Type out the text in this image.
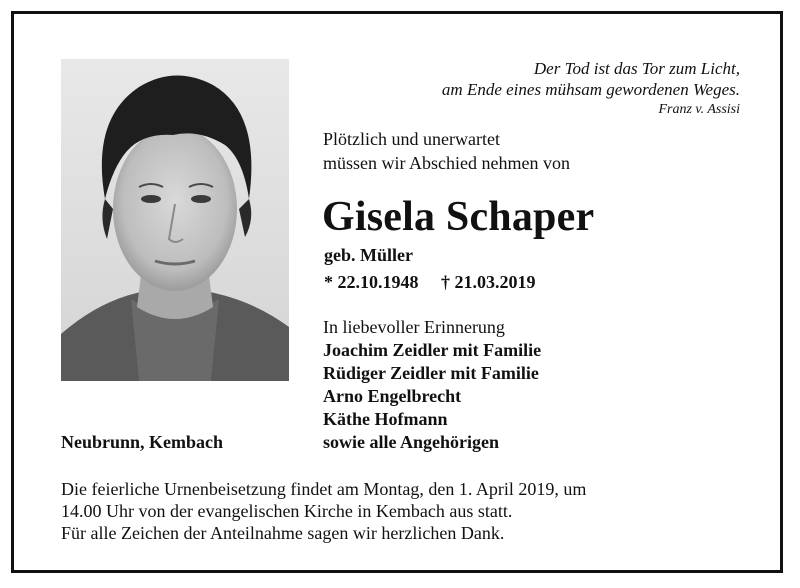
Der Tod ist das Tor zum Licht,
am Ende eines mühsam gewordenen Weges.
Franz v. Assisi
Plötzlich und unerwartet
müssen wir Abschied nehmen von
Gisela Schaper
geb. Müller
* 22.10.1948 † 21.03.2019
In liebevoller Erinnerung
Joachim Zeidler mit Familie
Rüdiger Zeidler mit Familie
Arno Engelbrecht
Käthe Hofmann
sowie alle Angehörigen
Neubrunn, Kembach
Die feierliche Urnenbeisetzung findet am Montag, den 1. April 2019, um
14.00 Uhr von der evangelischen Kirche in Kembach aus statt.
Für alle Zeichen der Anteilnahme sagen wir herzlichen Dank.
